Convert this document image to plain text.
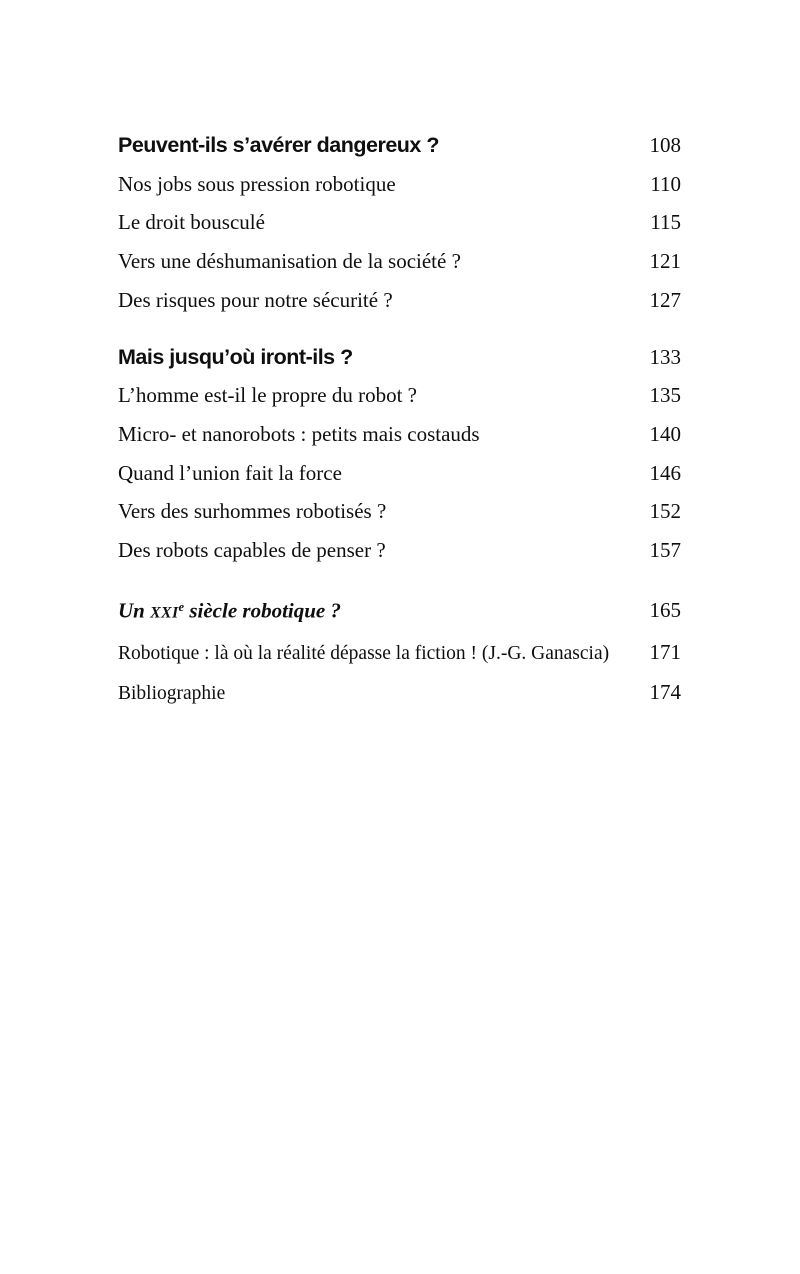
Peuvent-ils s’avérer dangereux ?	108
Nos jobs sous pression robotique	110
Le droit bousculé	115
Vers une déshumanisation de la société ?	121
Des risques pour notre sécurité ?	127
Mais jusqu’où iront-ils ?	133
L’homme est-il le propre du robot ?	135
Micro- et nanorobots : petits mais costauds	140
Quand l’union fait la force	146
Vers des surhommes robotisés ?	152
Des robots capables de penser ?	157
Un XXIe siècle robotique ?	165
Robotique : là où la réalité dépasse la fiction ! (J.-G. Ganascia) 171
Bibliographie	174
